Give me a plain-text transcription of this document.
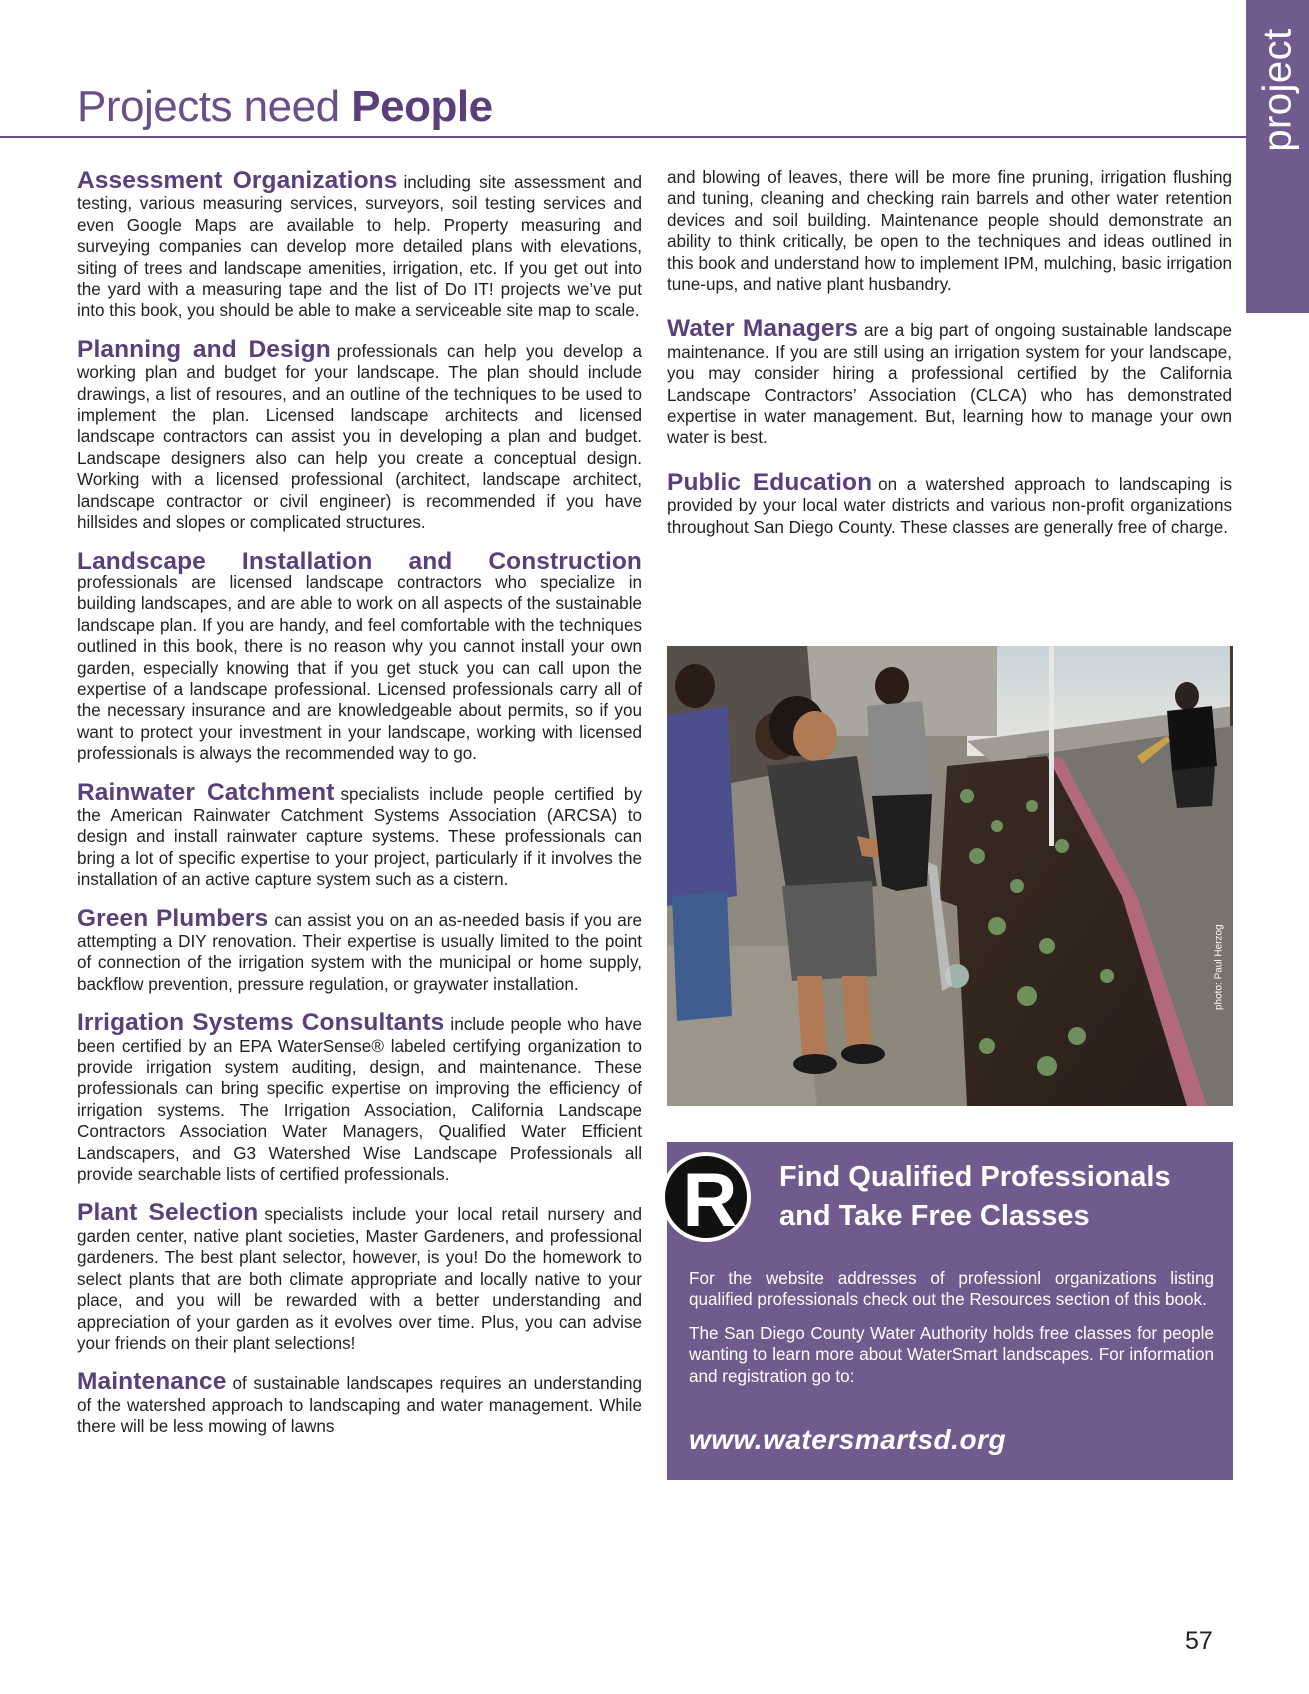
Projects need People	project

Assessment Organizations including site assessment and testing, various measuring services, surveyors, soil testing services and even Google Maps are available to help. Property measuring and surveying companies can develop more detailed plans with elevations, siting of trees and landscape amenities, irrigation, etc. If you get out into the yard with a measuring tape and the list of Do IT! projects we’ve put into this book, you should be able to make a serviceable site map to scale.

Planning and Design professionals can help you develop a working plan and budget for your landscape. The plan should include drawings, a list of resoures, and an outline of the techniques to be used to implement the plan. Licensed landscape architects and licensed landscape contractors can assist you in developing a plan and budget. Landscape designers also can help you create a conceptual design. Working with a licensed professional (architect, landscape architect, landscape contractor or civil engineer) is recommended if you have hillsides and slopes or complicated structures.

Landscape Installation and Construction
professionals are licensed landscape contractors who specialize in building landscapes, and are able to work on all aspects of the sustainable landscape plan. If you are handy, and feel comfortable with the techniques outlined in this book, there is no reason why you cannot install your own garden, especially knowing that if you get stuck you can call upon the expertise of a landscape professional. Licensed professionals carry all of the necessary insurance and are knowledgeable about permits, so if you want to protect your investment in your landscape, working with licensed professionals is always the recommended way to go.

Rainwater Catchment specialists include people certified by the American Rainwater Catchment Systems Association (ARCSA) to design and install rainwater capture systems. These professionals can bring a lot of specific expertise to your project, particularly if it involves the installation of an active capture system such as a cistern.

Green Plumbers can assist you on an as-needed basis if you are attempting a DIY renovation. Their expertise is usually limited to the point of connection of the irrigation system with the municipal or home supply, backflow prevention, pressure regulation, or graywater installation.

Irrigation Systems Consultants include people who have been certified by an EPA WaterSense® labeled certifying organization to provide irrigation system auditing, design, and maintenance. These professionals can bring specific expertise on improving the efficiency of irrigation systems. The Irrigation Association, California Landscape Contractors Association Water Managers, Qualified Water Efficient Landscapers, and G3 Watershed Wise Landscape Professionals all provide searchable lists of certified professionals.

Plant Selection specialists include your local retail nursery and garden center, native plant societies, Master Gardeners, and professional gardeners. The best plant selector, however, is you! Do the homework to select plants that are both climate appropriate and locally native to your place, and you will be rewarded with a better understanding and appreciation of your garden as it evolves over time. Plus, you can advise your friends on their plant selections!

Maintenance of sustainable landscapes requires an understanding of the watershed approach to landscaping and water management. While there will be less mowing of lawns

and blowing of leaves, there will be more fine pruning, irrigation flushing and tuning, cleaning and checking rain barrels and other water retention devices and soil building. Maintenance people should demonstrate an ability to think critically, be open to the techniques and ideas outlined in this book and understand how to implement IPM, mulching, basic irrigation tune-ups, and native plant husbandry.

Water Managers are a big part of ongoing sustainable landscape maintenance. If you are still using an irrigation system for your landscape, you may consider hiring a professional certified by the California Landscape Contractors’ Association (CLCA) who has demonstrated expertise in water management. But, learning how to manage your own water is best.

Public Education on a watershed approach to landscaping is provided by your local water districts and various non-profit organizations throughout San Diego County. These classes are generally free of charge.

photo: Paul Herzog
R	Find Qualified Professionals
and Take Free Classes

For the website addresses of professionl organizations listing qualified professionals check out the Resources section of this book.

The San Diego County Water Authority holds free classes for people wanting to learn more about WaterSmart landscapes. For information and registration go to:

www.watersmartsd.org
57
